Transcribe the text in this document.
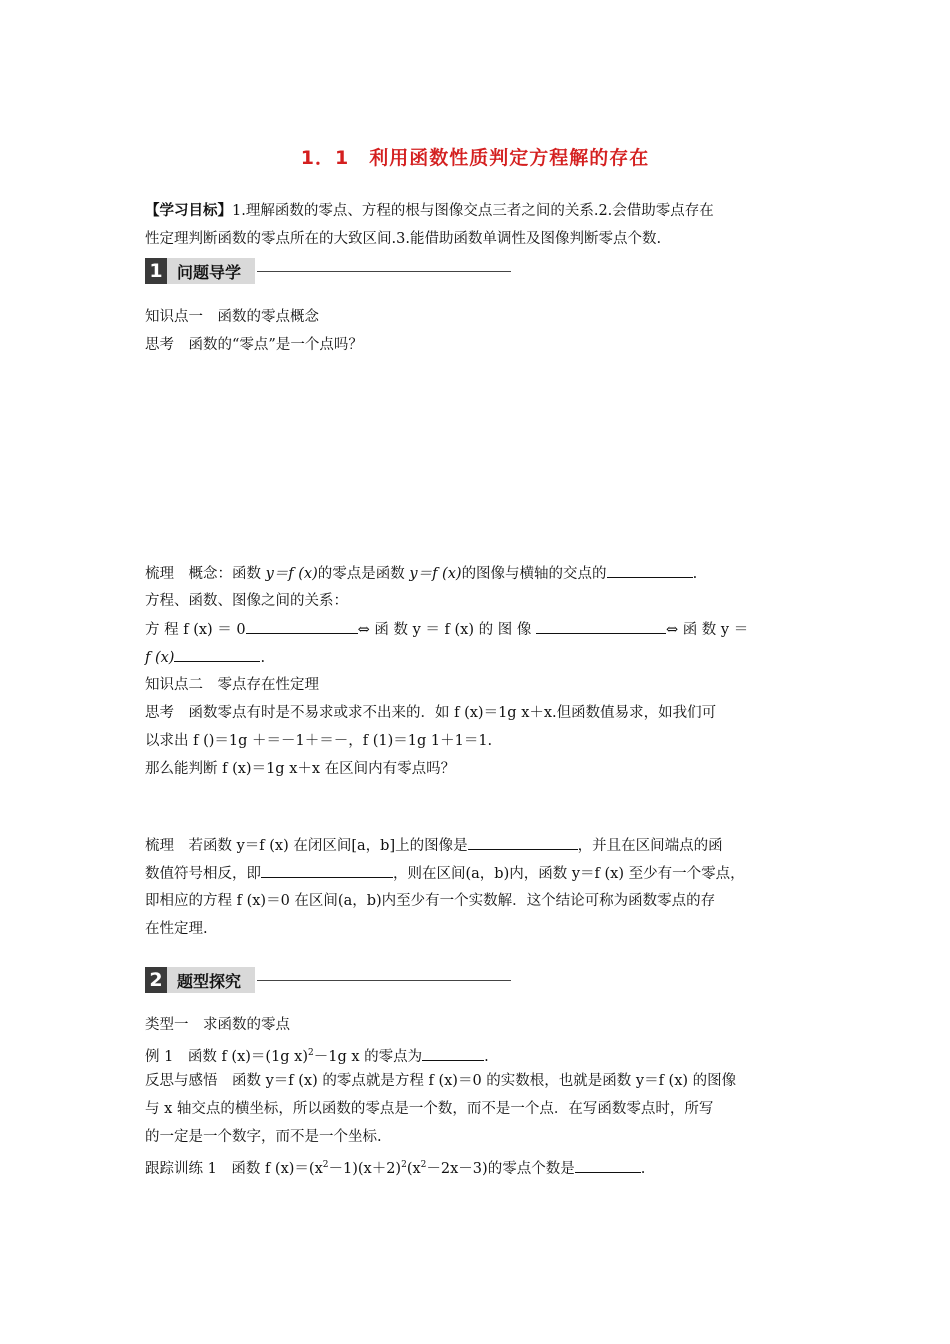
1．1　利用函数性质判定方程解的存在
【学习目标】1.理解函数的零点、方程的根与图像交点三者之间的关系.2.会借助零点存在
性定理判断函数的零点所在的大致区间.3.能借助函数单调性及图像判断零点个数.
1 问题导学
知识点一　函数的零点概念
思考　函数的“零点”是一个点吗？
梳理　概念：函数 y＝f (x)的零点是函数 y＝f (x)的图像与横轴的交点的	.
方程、函数、图像之间的关系：
方 程 f (x) ＝ 0	⇔ 函 数 y ＝ f (x) 的 图 像	⇔ 函 数 y ＝
f (x)	.
知识点二　零点存在性定理
思考　函数零点有时是不易求或求不出来的．如 f (x)＝1g x＋x.但函数值易求，如我们可
以求出 f ()＝1g ＋＝－1＋＝－，f (1)＝1g 1＋1＝1.
那么能判断 f (x)＝1g x＋x 在区间内有零点吗？
梳理　若函数 y＝f (x) 在闭区间[a，b]上的图像是	，并且在区间端点的函
数值符号相反，即	，则在区间(a，b)内，函数 y＝f (x) 至少有一个零点，
即相应的方程 f (x)＝0 在区间(a，b)内至少有一个实数解．这个结论可称为函数零点的存
在性定理.
2 题型探究
类型一　求函数的零点
例 1　函数 f (x)＝(1g x)$^2$－1g x 的零点为	.
反思与感悟　函数 y＝f (x) 的零点就是方程 f (x)＝0 的实数根，也就是函数 y＝f (x) 的图像
与 x 轴交点的横坐标，所以函数的零点是一个数，而不是一个点．在写函数零点时，所写
的一定是一个数字，而不是一个坐标.
跟踪训练 1　函数 f $(x)=(x^2-1)(x+2)^2(x^2-2x-3)$的零点个数是	.
